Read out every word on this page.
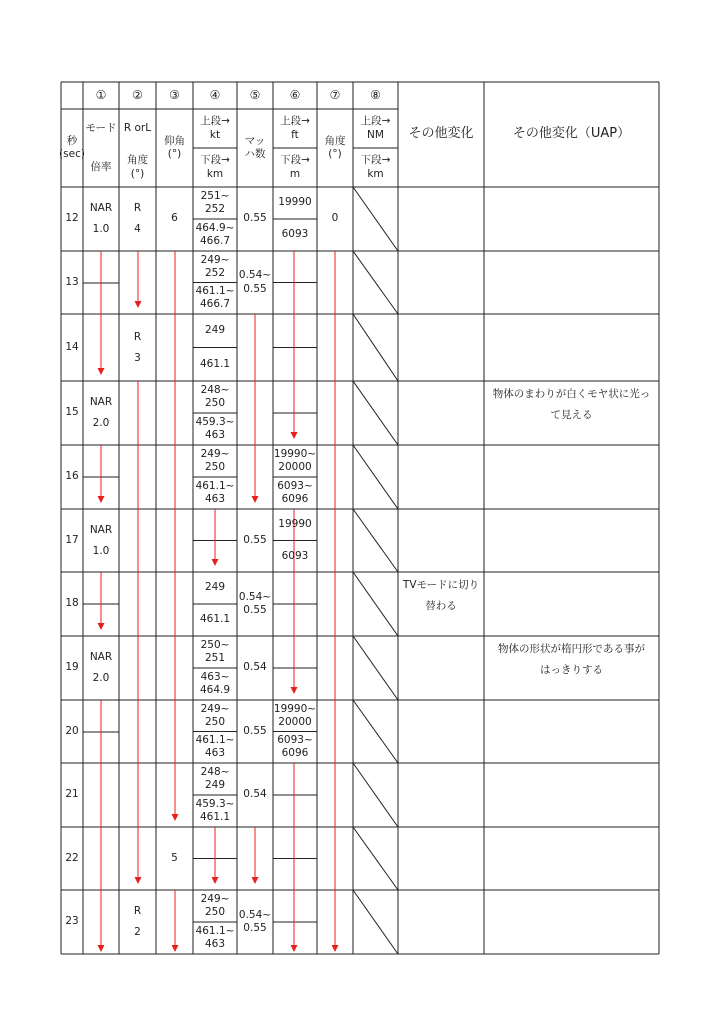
① ② ③ ④ ⑤ ⑥ ⑦ ⑧
秒
(sec)
モード
倍率
R orL
角度
(°)
仰角
(°)
上段→
kt
下段→
km
マッ
ハ数
上段→
ft
下段→
m
角度
(°)
上段→
NM
下段→
km
その他変化	その他変化（UAP）
12
NAR
1.0
R
4
6
251~
252
464.9~
466.7
0.55
19990
6093
0
13
249~
252
461.1~
466.7
0.54~
0.55
14
R
3
249
461.1
15
NAR
2.0
248~
250
459.3~
463
物体のまわりが白くモヤ状に光っ
て見える
16
249~
250
461.1~
463
19990~
20000
6093~
6096
17
NAR
1.0
0.55
19990
6093
18
249
461.1
0.54~
0.55
TVモードに切り
替わる
19
NAR
2.0
250~
251
463~
464.9
0.54
物体の形状が楕円形である事が
はっきりする
20
249~
250
461.1~
463
0.55
19990~
20000
6093~
6096
21
248~
249
459.3~
461.1
0.54
22	5
23
R
2
249~
250
461.1~
463
0.54~
0.55
